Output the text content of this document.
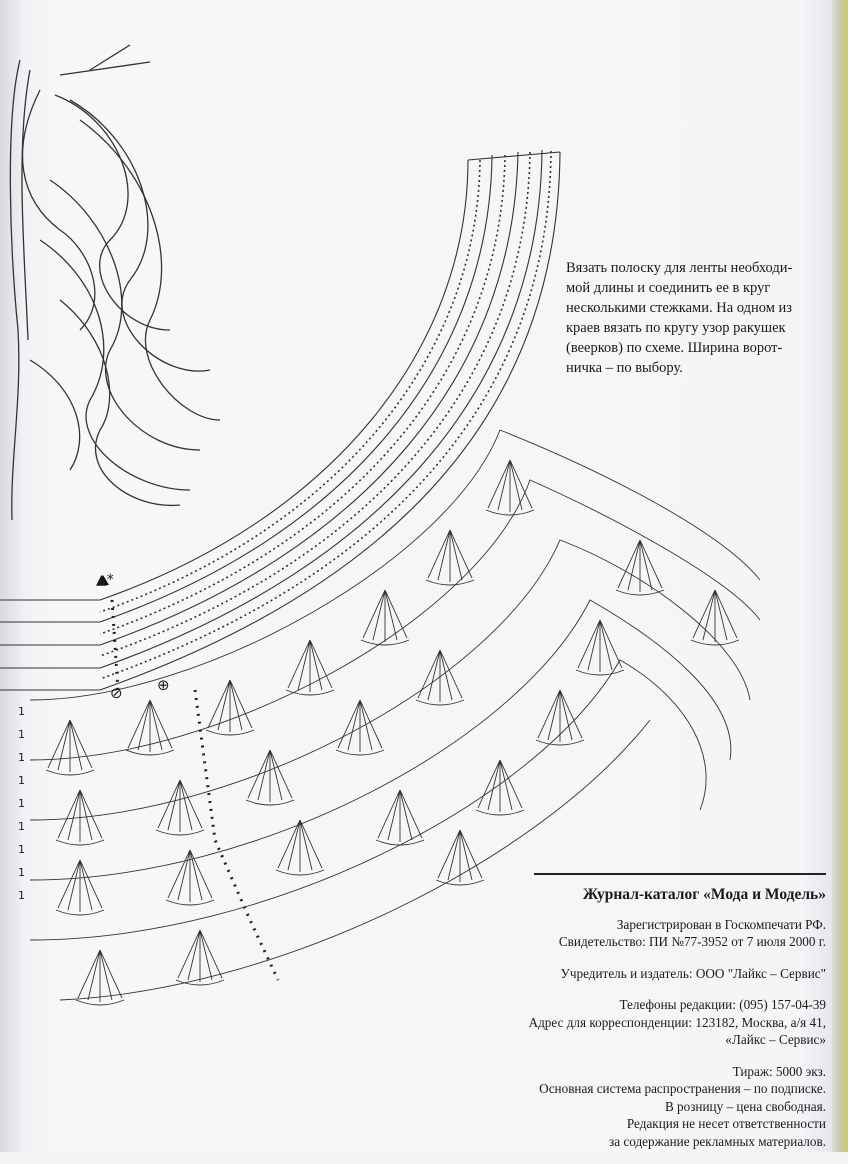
▲*
⊘ ⊕
1
1
1
1
1
1
1
1
1

Вязать полоску для ленты необходи-
мой длины и соединить ее в круг
несколькими стежками. На одном из
краев вязать по кругу узор ракушек
(веерков) по схеме. Ширина ворот-
ничка – по выбору.

Журнал-каталог «Мода и Модель»
Зарегистрирован в Госкомпечати РФ.
Свидетельство: ПИ №77-3952 от 7 июля 2000 г.
Учредитель и издатель: ООО "Лайкс – Сервис"
Телефоны редакции: (095) 157-04-39
Адрес для корреспонденции: 123182, Москва, а/я 41,
«Лайкс – Сервис»
Тираж: 5000 экз.
Основная система распространения – по подписке.
В розницу – цена свободная.
Редакция не несет ответственности
за содержание рекламных материалов.
